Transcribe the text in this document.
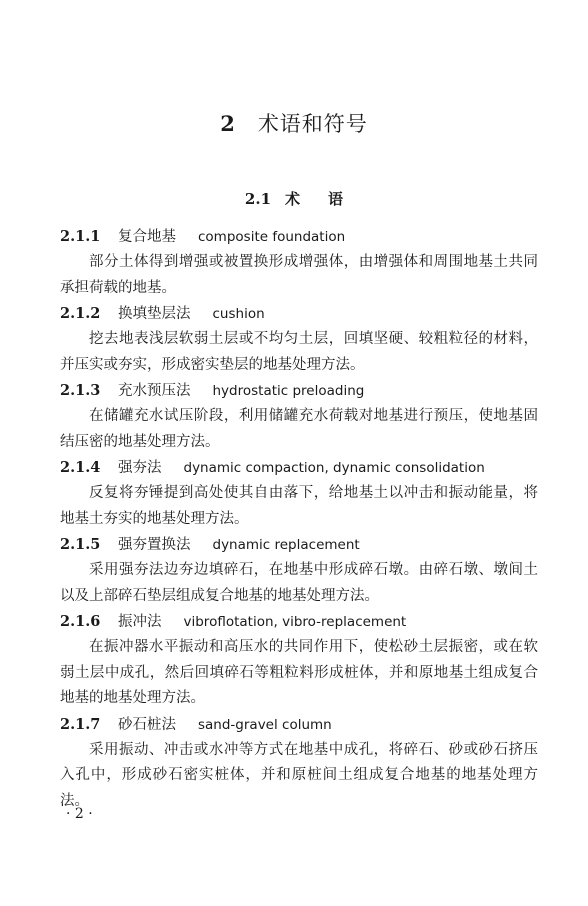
2 术语和符号
2.1 术 语
2.1.1 复合地基 composite foundation

部分土体得到增强或被置换形成增强体，由增强体和周围地基土共同承担荷载的地基。

2.1.2 换填垫层法 cushion

挖去地表浅层软弱土层或不均匀土层，回填坚硬、较粗粒径的材料，并压实或夯实，形成密实垫层的地基处理方法。

2.1.3 充水预压法 hydrostatic preloading

在储罐充水试压阶段，利用储罐充水荷载对地基进行预压，使地基固结压密的地基处理方法。

2.1.4 强夯法 dynamic compaction, dynamic consolidation

反复将夯锤提到高处使其自由落下，给地基土以冲击和振动能量，将地基土夯实的地基处理方法。

2.1.5 强夯置换法 dynamic replacement

采用强夯法边夯边填碎石，在地基中形成碎石墩。由碎石墩、墩间土以及上部碎石垫层组成复合地基的地基处理方法。

2.1.6 振冲法 vibroflotation, vibro-replacement

在振冲器水平振动和高压水的共同作用下，使松砂土层振密，或在软弱土层中成孔，然后回填碎石等粗粒料形成桩体，并和原地基土组成复合地基的地基处理方法。

2.1.7 砂石桩法 sand-gravel column

采用振动、冲击或水冲等方式在地基中成孔，将碎石、砂或砂石挤压入孔中，形成砂石密实桩体，并和原桩间土组成复合地基的地基处理方法。

· 2 ·
